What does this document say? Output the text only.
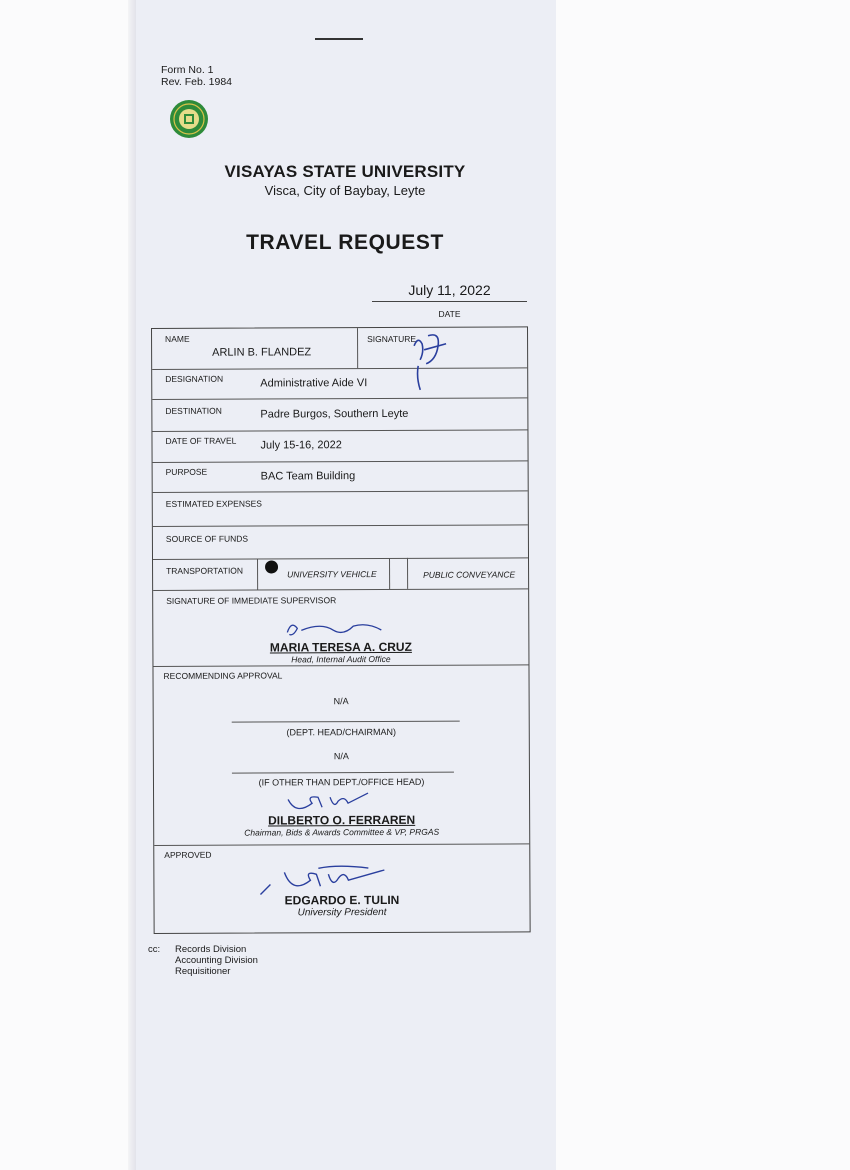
Form No. 1
Rev. Feb. 1984
VISAYAS STATE UNIVERSITY
Visca, City of Baybay, Leyte
TRAVEL REQUEST
July 11, 2022
DATE
NAME
ARLIN B. FLANDEZ
SIGNATURE
DESIGNATION	Administrative Aide VI
DESTINATION	Padre Burgos, Southern Leyte
DATE OF TRAVEL July 15-16, 2022
PURPOSE	BAC Team Building
ESTIMATED EXPENSES
SOURCE OF FUNDS
TRANSPORTATION	UNIVERSITY VEHICLE	PUBLIC CONVEYANCE
SIGNATURE OF IMMEDIATE SUPERVISOR
MARIA TERESA A. CRUZ
Head, Internal Audit Office
RECOMMENDING APPROVAL
N/A
(DEPT. HEAD/CHAIRMAN)
N/A
(IF OTHER THAN DEPT./OFFICE HEAD)
DILBERTO O. FERRAREN
Chairman, Bids & Awards Committee & VP, PRGAS
APPROVED
EDGARDO E. TULIN
University President
cc: Records Division
Accounting Division
Requisitioner
